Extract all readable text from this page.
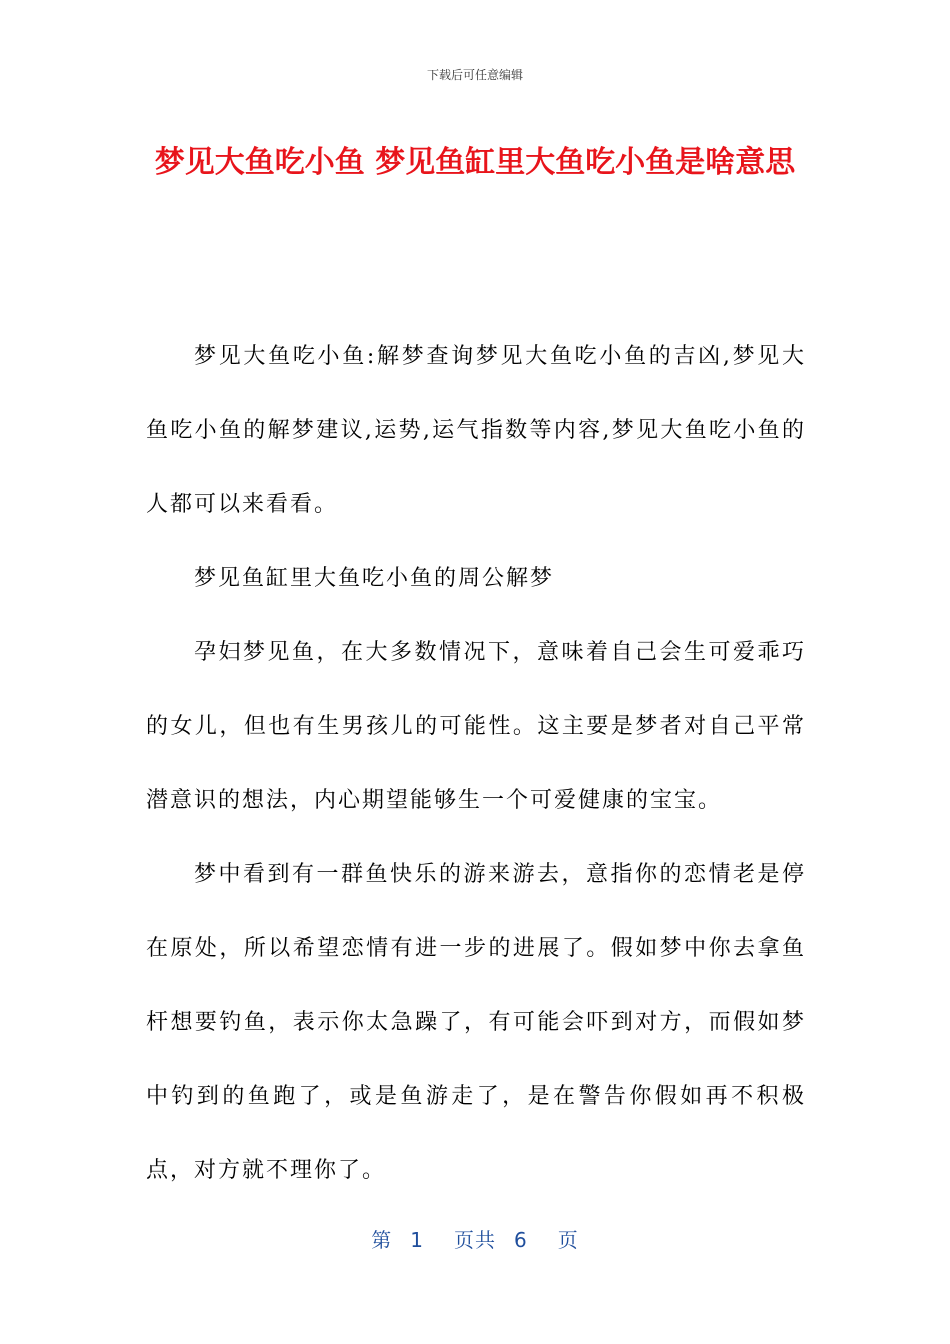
下载后可任意编辑
梦见大鱼吃小鱼 梦见鱼缸里大鱼吃小鱼是啥意思

梦见大鱼吃小鱼:解梦查询梦见大鱼吃小鱼的吉凶,梦见大鱼吃小鱼的解梦建议,运势,运气指数等内容,梦见大鱼吃小鱼的人都可以来看看。

梦见鱼缸里大鱼吃小鱼的周公解梦

孕妇梦见鱼，在大多数情况下，意味着自己会生可爱乖巧的女儿，但也有生男孩儿的可能性。这主要是梦者对自己平常潜意识的想法，内心期望能够生一个可爱健康的宝宝。

梦中看到有一群鱼快乐的游来游去，意指你的恋情老是停在原处，所以希望恋情有进一步的进展了。假如梦中你去拿鱼杆想要钓鱼，表示你太急躁了，有可能会吓到对方，而假如梦中钓到的鱼跑了，或是鱼游走了，是在警告你假如再不积极点，对方就不理你了。

第 1 页共 6 页
